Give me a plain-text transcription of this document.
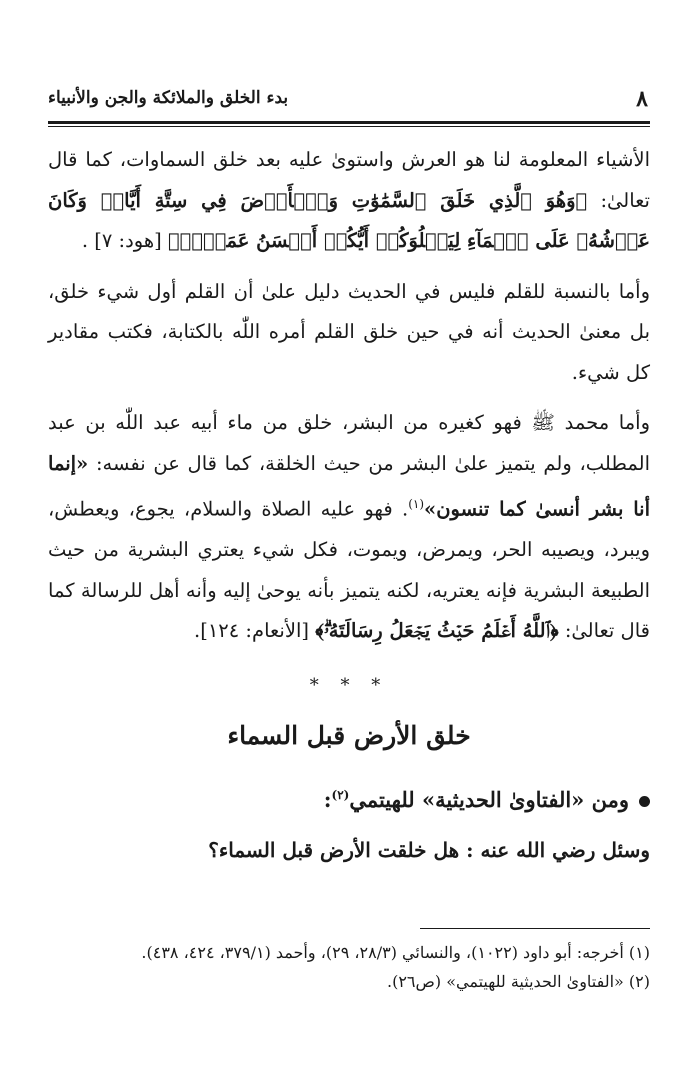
٨
بدء الخلق والملائكة والجن والأنبياء

الأشياء المعلومة لنا هو العرش واستوىٰ عليه بعد خلق السماوات، كما قال تعالىٰ: ﴿وَهُوَ ٱلَّذِي خَلَقَ ٱلسَّمَٰوَٰتِ وَٱلۡأَرۡضَ فِي سِتَّةِ أَيَّامٖ وَكَانَ عَرۡشُهُۥ عَلَى ٱلۡمَآءِ لِيَبۡلُوَكُمۡ أَيُّكُمۡ أَحۡسَنُ عَمَلٗاۗ﴾ [هود: ٧] .

وأما بالنسبة للقلم فليس في الحديث دليل علىٰ أن القلم أول شيء خلق، بل معنىٰ الحديث أنه في حين خلق القلم أمره اللّٰه بالكتابة، فكتب مقادير كل شيء.

وأما محمد ﷺ فهو كغيره من البشر، خلق من ماء أبيه عبد اللّٰه بن عبد المطلب، ولم يتميز علىٰ البشر من حيث الخلقة، كما قال عن نفسه: «إنما أنا بشر أنسىٰ كما تنسون»$^{(١)}$. فهو عليه الصلاة والسلام، يجوع، ويعطش، ويبرد، ويصيبه الحر، ويمرض، ويموت، فكل شيء يعتري البشرية من حيث الطبيعة البشرية فإنه يعتريه، لكنه يتميز بأنه يوحىٰ إليه وأنه أهل للرسالة كما قال تعالىٰ: ﴿ٱللَّهُ أَعۡلَمُ حَيۡثُ يَجۡعَلُ رِسَالَتَهُۥۗ﴾ [الأنعام: ١٢٤].

* * *
خلق الأرض قبل السماء

ومن «الفتاوىٰ الحديثية» للهيتمي$^{(٢)}$:

وسئل رضي الله عنه : هل خلقت الأرض قبل السماء؟

(١) أخرجه: أبو داود (١٠٢٢)، والنسائي (٢٨/٣، ٢٩)، وأحمد (٣٧٩/١، ٤٢٤، ٤٣٨).

(٢) «الفتاوىٰ الحديثية للهيتمي» (ص٢٦).
